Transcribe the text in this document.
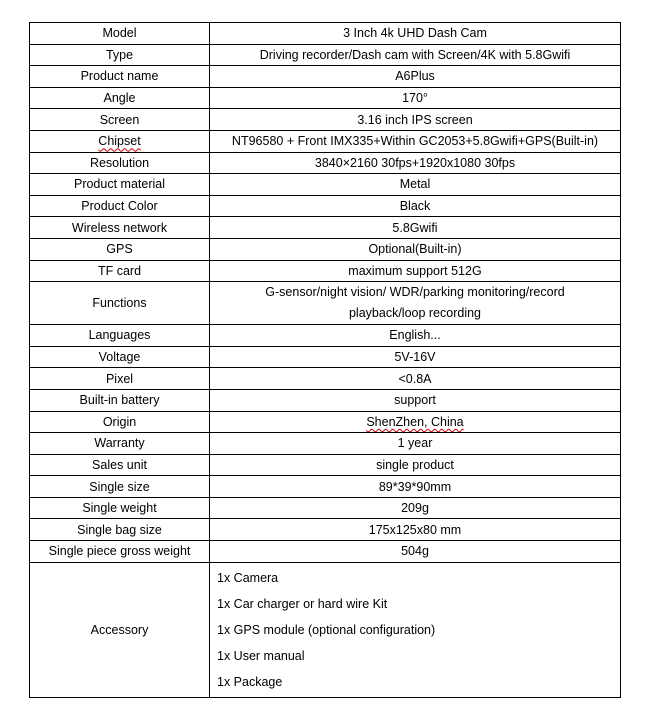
Model	3 Inch 4k UHD Dash Cam
Type	Driving recorder/Dash cam with Screen/4K with 5.8Gwifi
Product name	A6Plus
Angle	170°
Screen	3.16 inch IPS screen
Chipset	NT96580 + Front IMX335+Within GC2053+5.8Gwifi+GPS(Built-in)
Resolution	3840×2160 30fps+1920x1080 30fps
Product material	Metal
Product Color	Black
Wireless network	5.8Gwifi
GPS	Optional(Built-in)
TF card	maximum support 512G
Functions	G-sensor/night vision/ WDR/parking monitoring/record
playback/loop recording

Languages	English...
Voltage	5V-16V
Pixel	<0.8A
Built-in battery	support
Origin	ShenZhen, China
Warranty	1 year
Sales unit	single product
Single size	89*39*90mm
Single weight	209g
Single bag size	175x125x80 mm
Single piece gross weight	504g
Accessory	1x Camera
1x Car charger or hard wire Kit
1x GPS module (optional configuration)
1x User manual
1x Package
